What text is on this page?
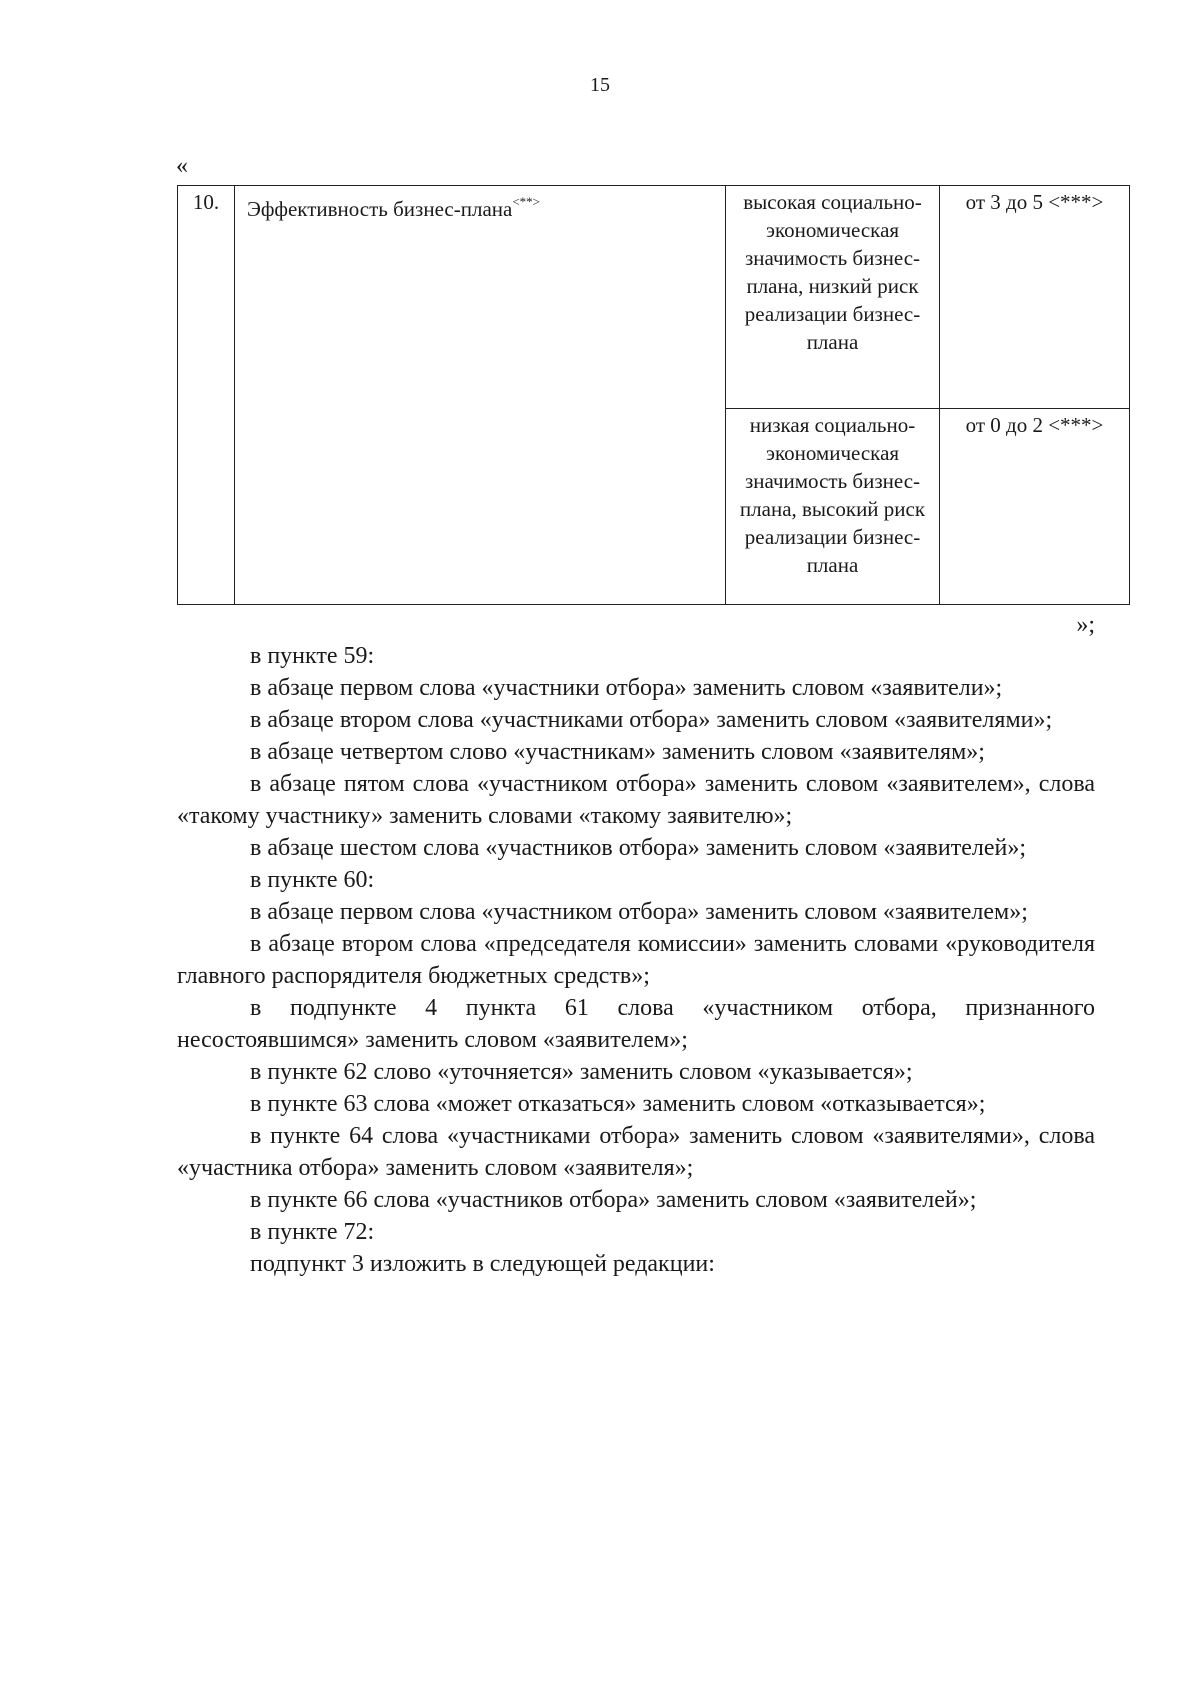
15
«
10.	Эффективность бизнес-плана<**>	высокая социально-экономическая значимость бизнес-плана, низкий риск реализации бизнес-плана	от 3 до 5 <***>

		низкая социально-экономическая значимость бизнес-плана, высокий риск реализации бизнес-плана	от 0 до 2 <***>
»;

в пункте 59:

в абзаце первом слова «участники отбора» заменить словом «заявители»;

в абзаце втором слова «участниками отбора» заменить словом «заявителями»;

в абзаце четвертом слово «участникам» заменить словом «заявителям»;

в абзаце пятом слова «участником отбора» заменить словом «заявителем», слова «такому участнику» заменить словами «такому заявителю»;

в абзаце шестом слова «участников отбора» заменить словом «заявителей»;

в пункте 60:

в абзаце первом слова «участником отбора» заменить словом «заявителем»;

в абзаце втором слова «председателя комиссии» заменить словами «руководителя главного распорядителя бюджетных средств»;

в подпункте 4 пункта 61 слова «участником отбора, признанного несостоявшимся» заменить словом «заявителем»;

в пункте 62 слово «уточняется» заменить словом «указывается»;

в пункте 63 слова «может отказаться» заменить словом «отказывается»;

в пункте 64 слова «участниками отбора» заменить словом «заявителями», слова «участника отбора» заменить словом «заявителя»;

в пункте 66 слова «участников отбора» заменить словом «заявителей»;

в пункте 72:

подпункт 3 изложить в следующей редакции:
